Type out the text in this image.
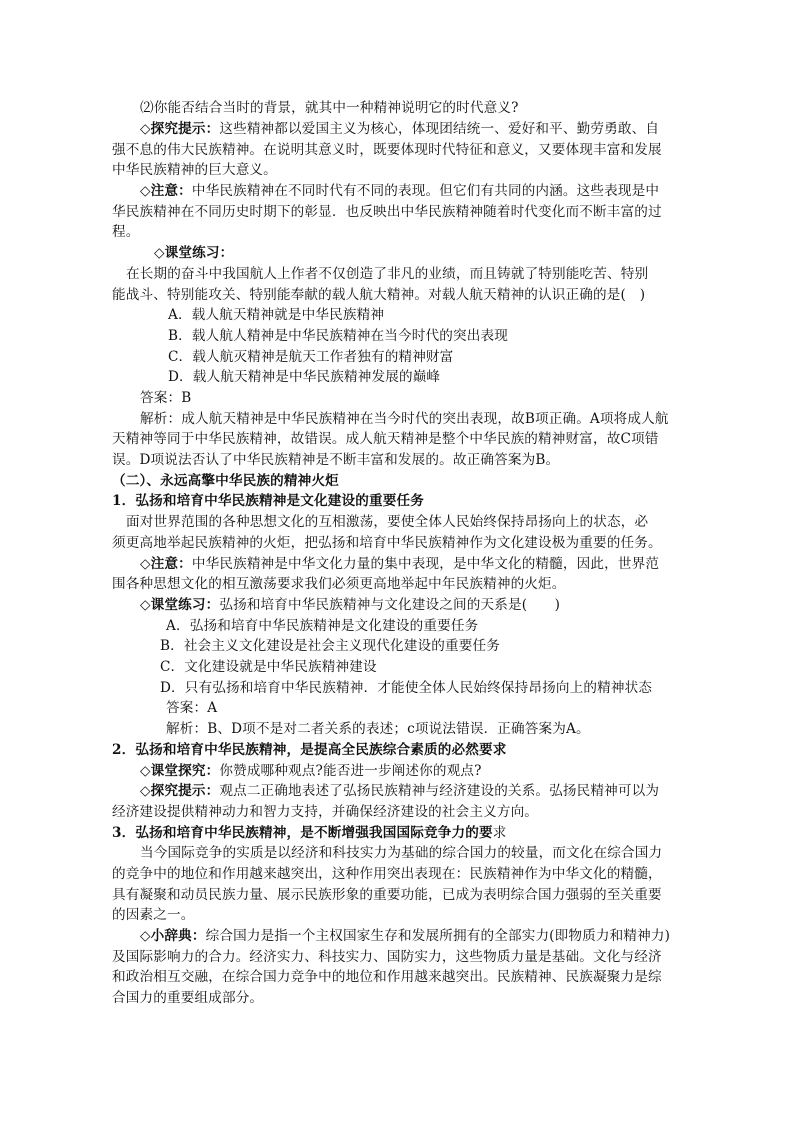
⑵你能否结合当时的背景，就其中一种精神说明它的时代意义?
◇探究提示：这些精神都以爱国主义为核心，体现团结统一、爱好和平、勤劳勇敢、自
强不息的伟大民族精神。在说明其意义时，既要体现时代特征和意义，又要体现丰富和发展
中华民族精神的巨大意义。
◇注意：中华民族精神在不同时代有不同的表现。但它们有共同的内涵。这些表现是中
华民族精神在不同历史时期下的彰显．也反映出中华民族精神随着时代变化而不断丰富的过
程。
◇课堂练习：
在长期的奋斗中我国航人上作者不仅创造了非凡的业绩，而且铸就了特别能吃苦、特别
能战斗、特别能攻关、特别能奉献的载人航大精神。对载人航天精神的认识正确的是(　)
A．载人航天精神就是中华民族精神
B．载人航人精神是中华民族精神在当今时代的突出表现
C．载人航灭精神是航天工作者独有的精神财富
D．载人航天精神是中华民族精神发展的巅峰
答案：B
解析：成人航天精神是中华民族精神在当今时代的突出表现，故B项正确。A项将成人航
天精神等同于中华民族精神，故错误。成人航天精神是整个中华民族的精神财富，故C项错
误。D项说法否认了中华民族精神是不断丰富和发展的。故正确答案为B。
（二）、永远高擎中华民族的精神火炬
1．弘扬和培育中华民族精神是文化建设的重要任务
面对世界范围的各种思想文化的互相激荡，要使全体人民始终保持昂扬向上的状态，必
须更高地举起民族精神的火炬，把弘扬和培育中华民族精神作为文化建设极为重要的任务。
◇注意：中华民族精神是中华文化力量的集中表现，是中华文化的精髓，因此，世界范
围各种思想文化的相互激荡要求我们必须更高地举起中年民族精神的火炬。
◇课堂练习：弘扬和培育中华民族精神与文化建设之间的天系是(　　)
A．弘扬和培育中华民族精神是文化建设的重要任务
B．社会主义文化建设是社会主义现代化建设的重要任务
C．文化建设就是中华民族精神建设
D．只有弘扬和培育中华民族精神．才能使全体人民始终保持昂扬向上的精神状态
答案：A
解析：B、D项不是对二者关系的表述；c项说法错误．正确答案为A。
2．弘扬和培育中华民族精神，是提高全民族综合素质的必然要求
◇课堂探究：你赞成哪种观点?能否进一步阐述你的观点?
◇探究提示：观点二正确地表述了弘扬民族精神与经济建设的关系。弘扬民精神可以为
经济建设提供精神动力和智力支持，并确保经济建设的社会主义方向。
3．弘扬和培育中华民族精神，是不断增强我国国际竞争力的要求
当今国际竞争的实质是以经济和科技实力为基础的综合国力的较量，而文化在综合国力
的竞争中的地位和作用越来越突出，这种作用突出表现在：民族精神作为中华文化的精髓，
具有凝聚和动员民族力量、展示民族形象的重要功能，已成为表明综合国力强弱的至关重要
的因素之一。
◇小辞典：综合国力是指一个主权国家生存和发展所拥有的全部实力(即物质力和精神力)
及国际影响力的合力。经济实力、科技实力、国防实力，这些物质力量是基础。文化与经济
和政治相互交融，在综合国力竞争中的地位和作用越来越突出。民族精神、民族凝聚力是综
合国力的重要组成部分。
